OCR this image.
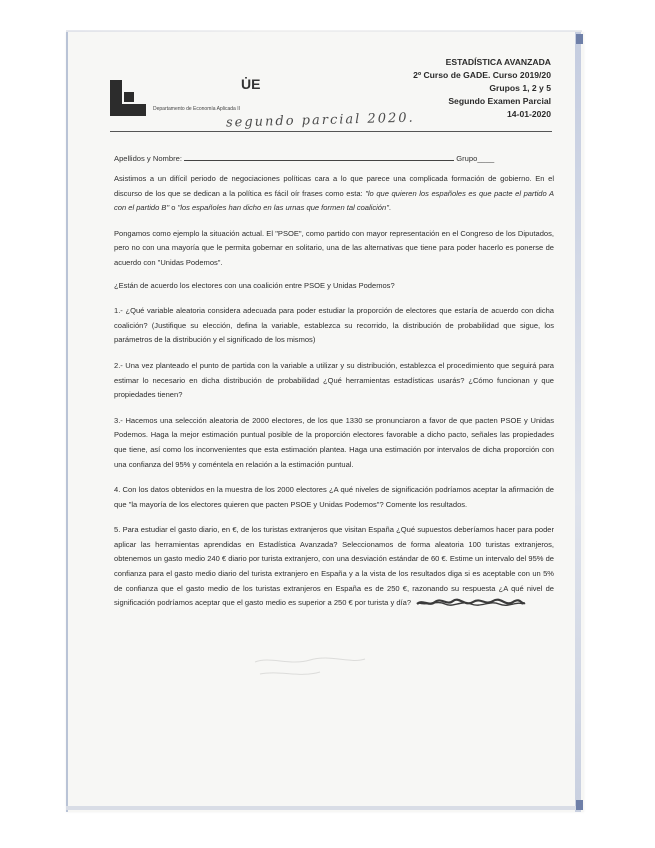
U̇E
Departamento de Economía Aplicada II
ESTADÍSTICA AVANZADA
2º Curso de GADE. Curso 2019/20
Grupos 1, 2 y 5
Segundo Examen Parcial
14-01-2020
segundo parcial 2020.
Apellidos y Nombre:	Grupo____

Asistimos a un difícil periodo de negociaciones políticas cara a lo que parece una complicada formación de gobierno. En el discurso de los que se dedican a la política es fácil oír frases como esta: "lo que quieren los españoles es que pacte el partido A con el partido B" o "los españoles han dicho en las urnas que formen tal coalición".

Pongamos como ejemplo la situación actual. El "PSOE", como partido con mayor representación en el Congreso de los Diputados, pero no con una mayoría que le permita gobernar en solitario, una de las alternativas que tiene para poder hacerlo es ponerse de acuerdo con "Unidas Podemos".

¿Están de acuerdo los electores con una coalición entre PSOE y Unidas Podemos?

1.- ¿Qué variable aleatoria considera adecuada para poder estudiar la proporción de electores que estaría de acuerdo con dicha coalición? (Justifique su elección, defina la variable, establezca su recorrido, la distribución de probabilidad que sigue, los parámetros de la distribución y el significado de los mismos)

2.- Una vez planteado el punto de partida con la variable a utilizar y su distribución, establezca el procedimiento que seguirá para estimar lo necesario en dicha distribución de probabilidad ¿Qué herramientas estadísticas usarás? ¿Cómo funcionan y que propiedades tienen?

3.- Hacemos una selección aleatoria de 2000 electores, de los que 1330 se pronunciaron a favor de que pacten PSOE y Unidas Podemos. Haga la mejor estimación puntual posible de la proporción electores favorable a dicho pacto, señales las propiedades que tiene, así como los inconvenientes que esta estimación plantea. Haga una estimación por intervalos de dicha proporción con una confianza del 95% y coméntela en relación a la estimación puntual.

4. Con los datos obtenidos en la muestra de los 2000 electores ¿A qué niveles de significación podríamos aceptar la afirmación de que "la mayoría de los electores quieren que pacten PSOE y Unidas Podemos"? Comente los resultados.

5. Para estudiar el gasto diario, en €, de los turistas extranjeros que visitan España ¿Qué supuestos deberíamos hacer para poder aplicar las herramientas aprendidas en Estadística Avanzada? Seleccionamos de forma aleatoria 100 turistas extranjeros, obtenemos un gasto medio 240 € diario por turista extranjero, con una desviación estándar de 60 €. Estime un intervalo del 95% de confianza para el gasto medio diario del turista extranjero en España y a la vista de los resultados diga si es aceptable con un 5% de confianza que el gasto medio de los turistas extranjeros en España es de 250 €, razonando su respuesta ¿A qué nivel de significación podríamos aceptar que el gasto medio es superior a 250 € por turista y día?
